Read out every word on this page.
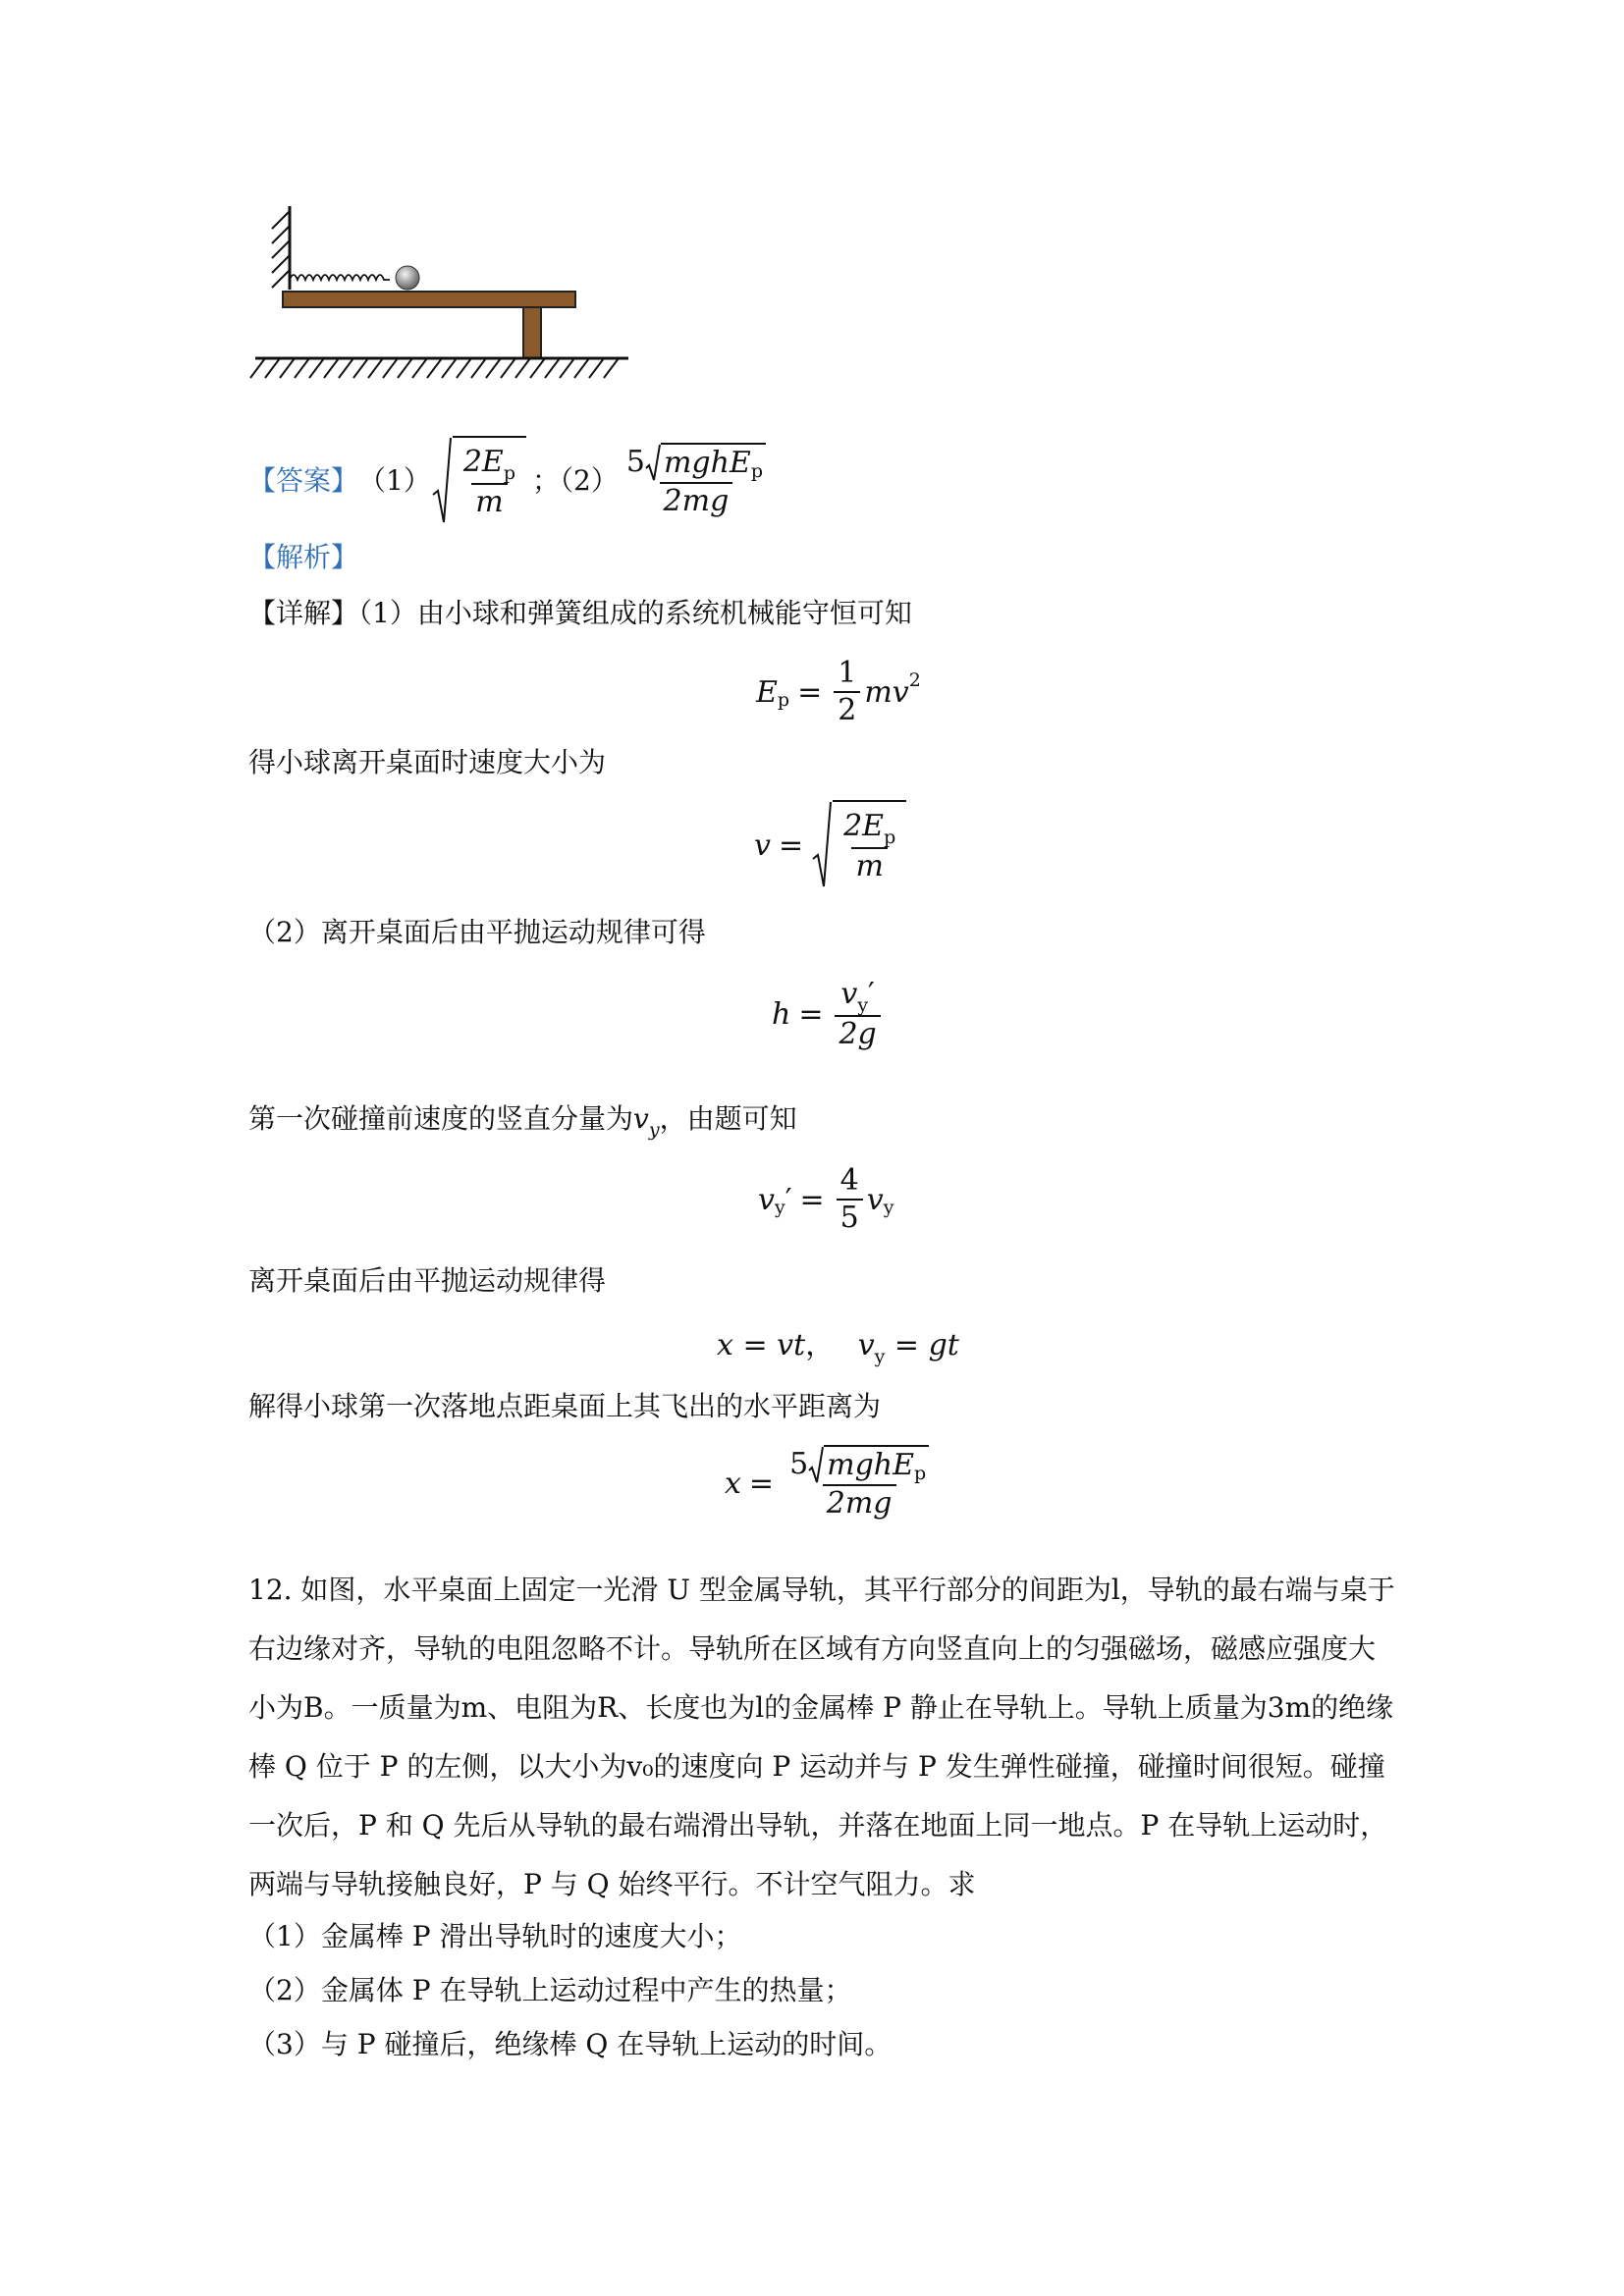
【答案】 $(1) \frac{2E_p}{m}$ ；$(2) \frac{\text{5 mghE p}}{2mg}$
【解析】
【详解】（1）由小球和弹簧组成的系统机械能守恒可知
E $p = \frac{1}{2}$ mv 2
得小球离开桌面时速度大小为
$v = \frac{2E_p}{m}$
（2）离开桌面后由平抛运动规律可得
$h = \frac{v_y'}{2g}$
第一次碰撞前速度的竖直分量为$v_y$，由题可知
v y ′ = $\frac{4}{5}$ v y
离开桌面后由平抛运动规律得
x = vt， $v_y$ = gt
解得小球第一次落地点距桌面上其飞出的水平距离为
$x = \frac{\text{5 mghE p}}{2mg}$
12. 如图，水平桌面上固定一光滑 U 型金属导轨，其平行部分的间距为l，导轨的最右端与桌于右边缘对齐，导轨的电阻忽略不计。导轨所在区域有方向竖直向上的匀强磁场，磁感应强度大小为B。一质量为m、电阻为R、长度也为l的金属棒 P 静止在导轨上。导轨上质量为3m的绝缘棒 Q 位于 P 的左侧，以大小为v₀的速度向 P 运动并与 P 发生弹性碰撞，碰撞时间很短。碰撞一次后，P 和 Q 先后从导轨的最右端滑出导轨，并落在地面上同一地点。P 在导轨上运动时，两端与导轨接触良好，P 与 Q 始终平行。不计空气阻力。求
（1）金属棒 P 滑出导轨时的速度大小；
（2）金属体 P 在导轨上运动过程中产生的热量；
（3）与 P 碰撞后，绝缘棒 Q 在导轨上运动的时间。
